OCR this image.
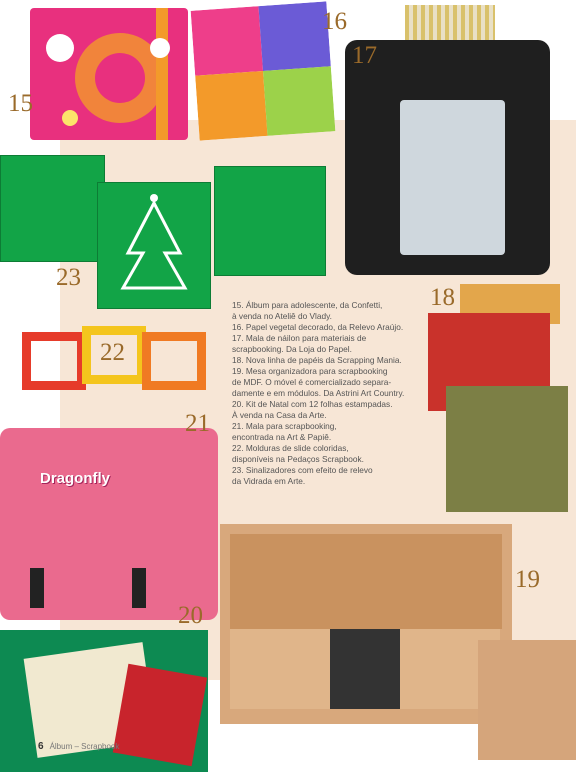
15
16
17
23
22

15. Álbum para adolescente, da Confetti,

à venda no Ateliê do Vlady.

16. Papel vegetal decorado, da Relevo Araújo.

17. Mala de náilon para materiais de

scrapbooking. Da Loja do Papel.

18. Nova linha de papéis da Scrapping Mania.

19. Mesa organizadora para scrapbooking

de MDF. O móvel é comercializado separa-

damente e em módulos. Da Astrini Art Country.

20. Kit de Natal com 12 folhas estampadas.

À venda na Casa da Arte.

21. Mala para scrapbooking,

encontrada na Art & Papiê.

22. Molduras de slide coloridas,

disponíveis na Pedaços Scrapbook.

23. Sinalizadores com efeito de relevo

da Vidrada em Arte.

18
Dragonfly
21
20
19
6 Álbum – Scrapbook
